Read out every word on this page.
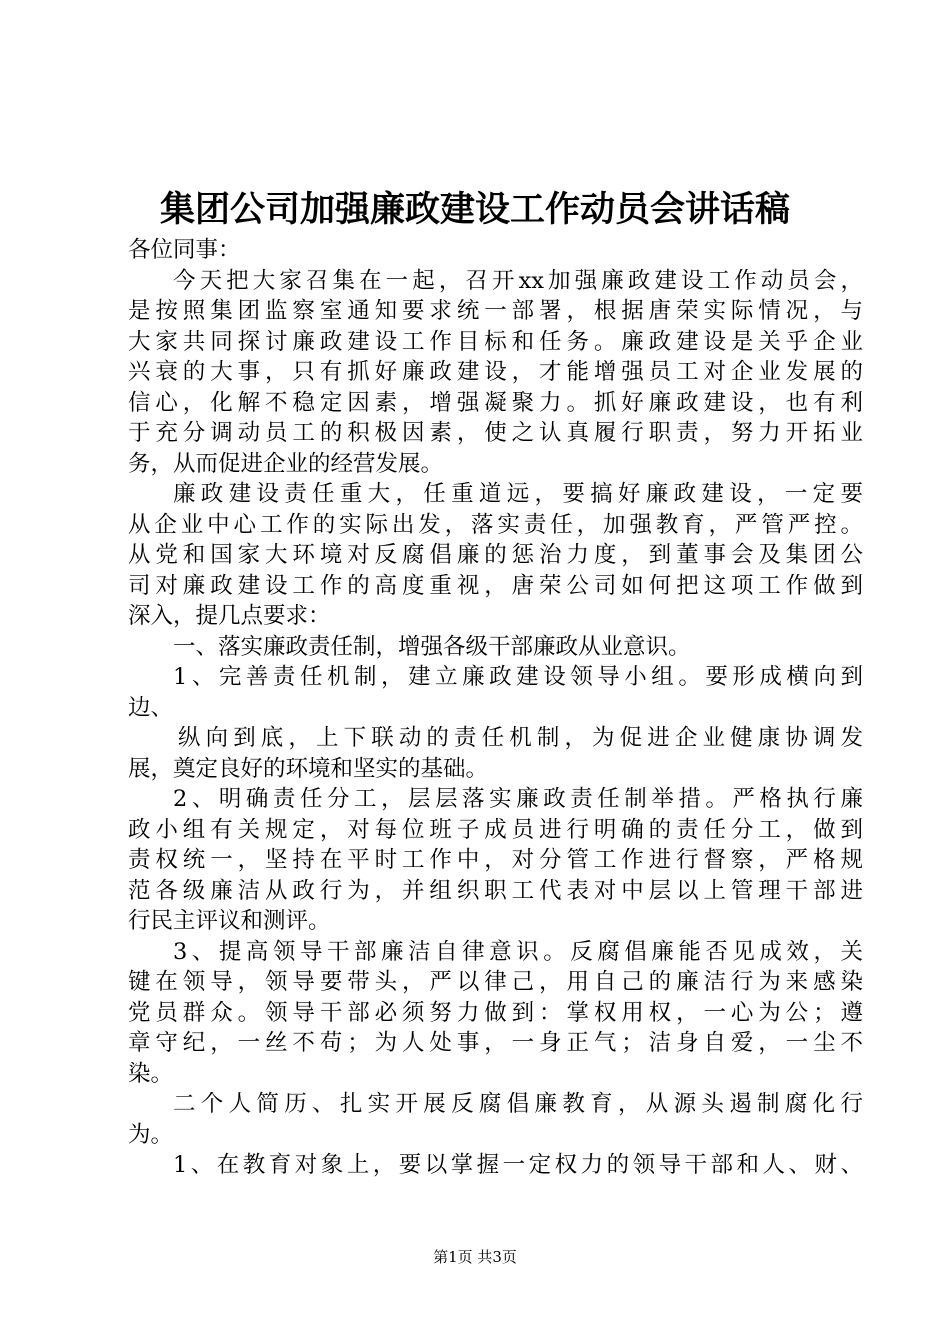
集团公司加强廉政建设工作动员会讲话稿

各位同事：

今天把大家召集在一起，召开xx加强廉政建设工作动员会，
是按照集团监察室通知要求统一部署，根据唐荣实际情况，与
大家共同探讨廉政建设工作目标和任务。廉政建设是关乎企业
兴衰的大事，只有抓好廉政建设，才能增强员工对企业发展的
信心，化解不稳定因素，增强凝聚力。抓好廉政建设，也有利
于充分调动员工的积极因素，使之认真履行职责，努力开拓业
务，从而促进企业的经营发展。

廉政建设责任重大，任重道远，要搞好廉政建设，一定要
从企业中心工作的实际出发，落实责任，加强教育，严管严控。
从党和国家大环境对反腐倡廉的惩治力度，到董事会及集团公
司对廉政建设工作的高度重视，唐荣公司如何把这项工作做到
深入，提几点要求：

一、落实廉政责任制，增强各级干部廉政从业意识。

1、完善责任机制，建立廉政建设领导小组。要形成横向到
边、

纵向到底，上下联动的责任机制，为促进企业健康协调发
展，奠定良好的环境和坚实的基础。

2、明确责任分工，层层落实廉政责任制举措。严格执行廉
政小组有关规定，对每位班子成员进行明确的责任分工，做到
责权统一，坚持在平时工作中，对分管工作进行督察，严格规
范各级廉洁从政行为，并组织职工代表对中层以上管理干部进
行民主评议和测评。

3、提高领导干部廉洁自律意识。反腐倡廉能否见成效，关
键在领导，领导要带头，严以律己，用自己的廉洁行为来感染
党员群众。领导干部必须努力做到：掌权用权，一心为公；遵
章守纪，一丝不苟；为人处事，一身正气；洁身自爱，一尘不
染。

二个人简历、扎实开展反腐倡廉教育，从源头遏制腐化行
为。

1、在教育对象上，要以掌握一定权力的领导干部和人、财、

第1页 共3页
